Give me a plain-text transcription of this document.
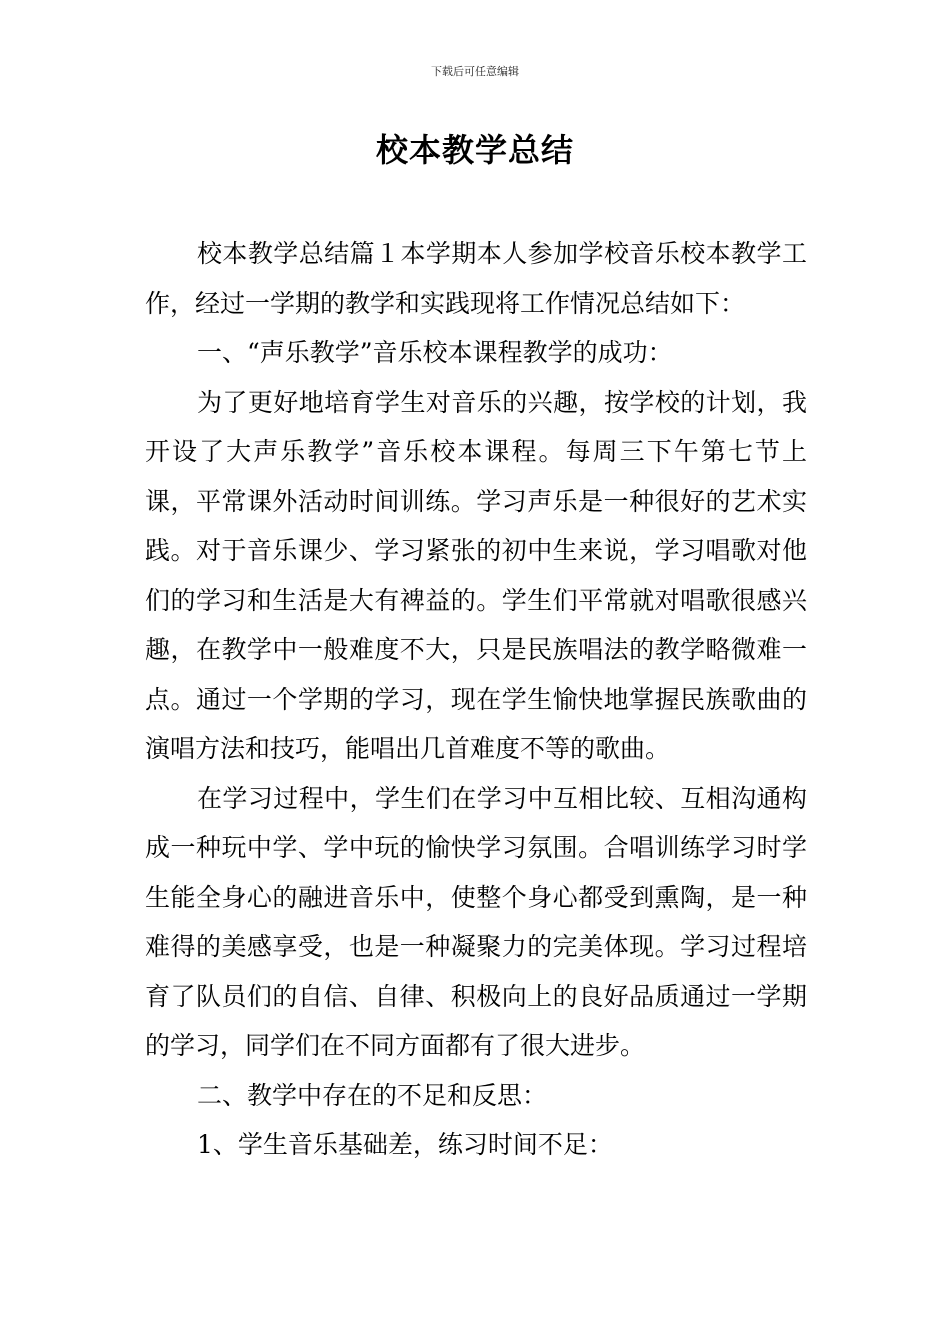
下载后可任意编辑
校本教学总结

校本教学总结篇１本学期本人参加学校音乐校本教学工作，经过一学期的教学和实践现将工作情况总结如下：

一、“声乐教学”音乐校本课程教学的成功：

为了更好地培育学生对音乐的兴趣，按学校的计划，我开设了大声乐教学”音乐校本课程。每周三下午第七节上课，平常课外活动时间训练。学习声乐是一种很好的艺术实践。对于音乐课少、学习紧张的初中生来说，学习唱歌对他们的学习和生活是大有裨益的。学生们平常就对唱歌很感兴趣，在教学中一般难度不大，只是民族唱法的教学略微难一点。通过一个学期的学习，现在学生愉快地掌握民族歌曲的演唱方法和技巧，能唱出几首难度不等的歌曲。

在学习过程中，学生们在学习中互相比较、互相沟通构成一种玩中学、学中玩的愉快学习氛围。合唱训练学习时学生能全身心的融进音乐中，使整个身心都受到熏陶，是一种难得的美感享受，也是一种凝聚力的完美体现。学习过程培育了队员们的自信、自律、积极向上的良好品质通过一学期的学习，同学们在不同方面都有了很大进步。

二、教学中存在的不足和反思：

1、学生音乐基础差，练习时间不足：
